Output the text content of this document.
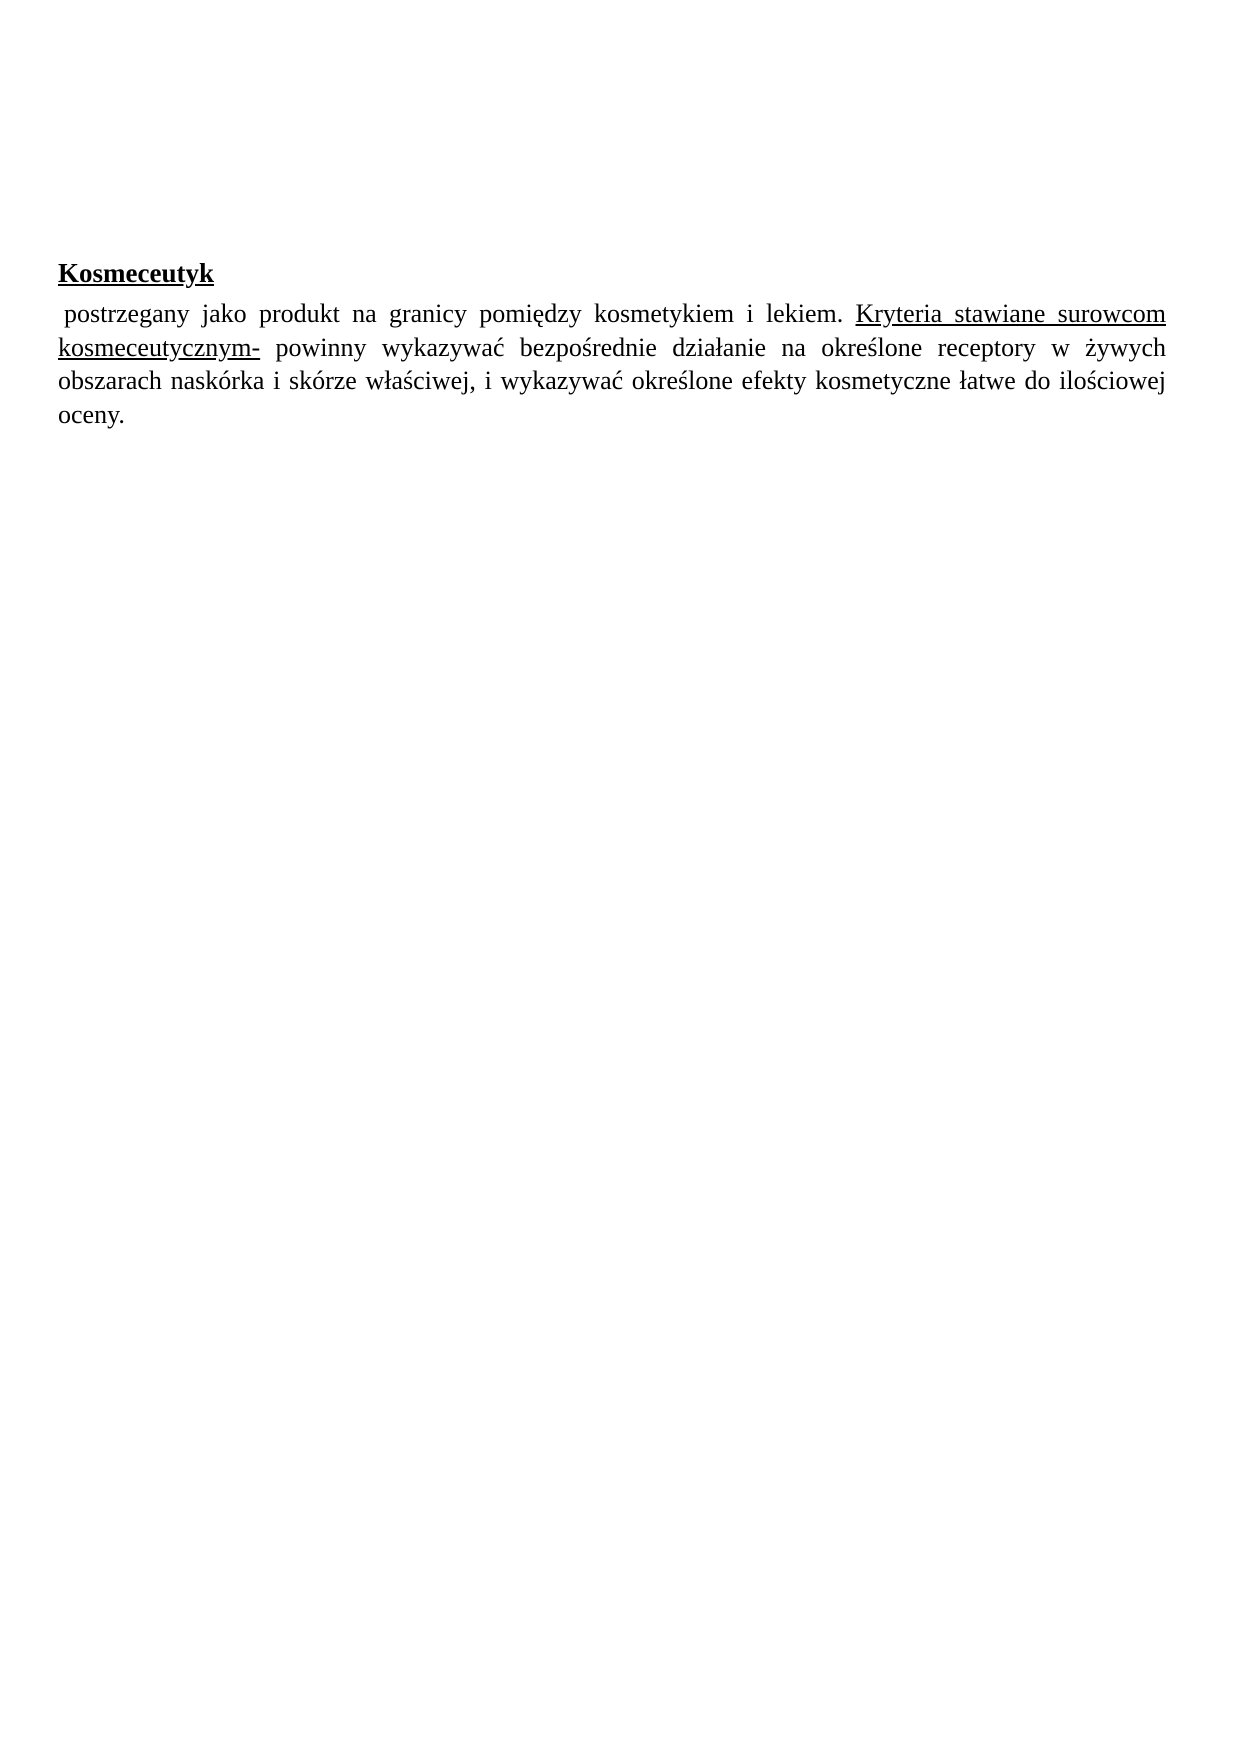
Kosmeceutyk

postrzegany jako produkt na granicy pomiędzy kosmetykiem i lekiem. Kryteria stawiane surowcom kosmeceutycznym- powinny wykazywać bezpośrednie działanie na określone receptory w żywych obszarach naskórka i skórze właściwej, i wykazywać określone efekty kosmetyczne łatwe do ilościowej oceny.
